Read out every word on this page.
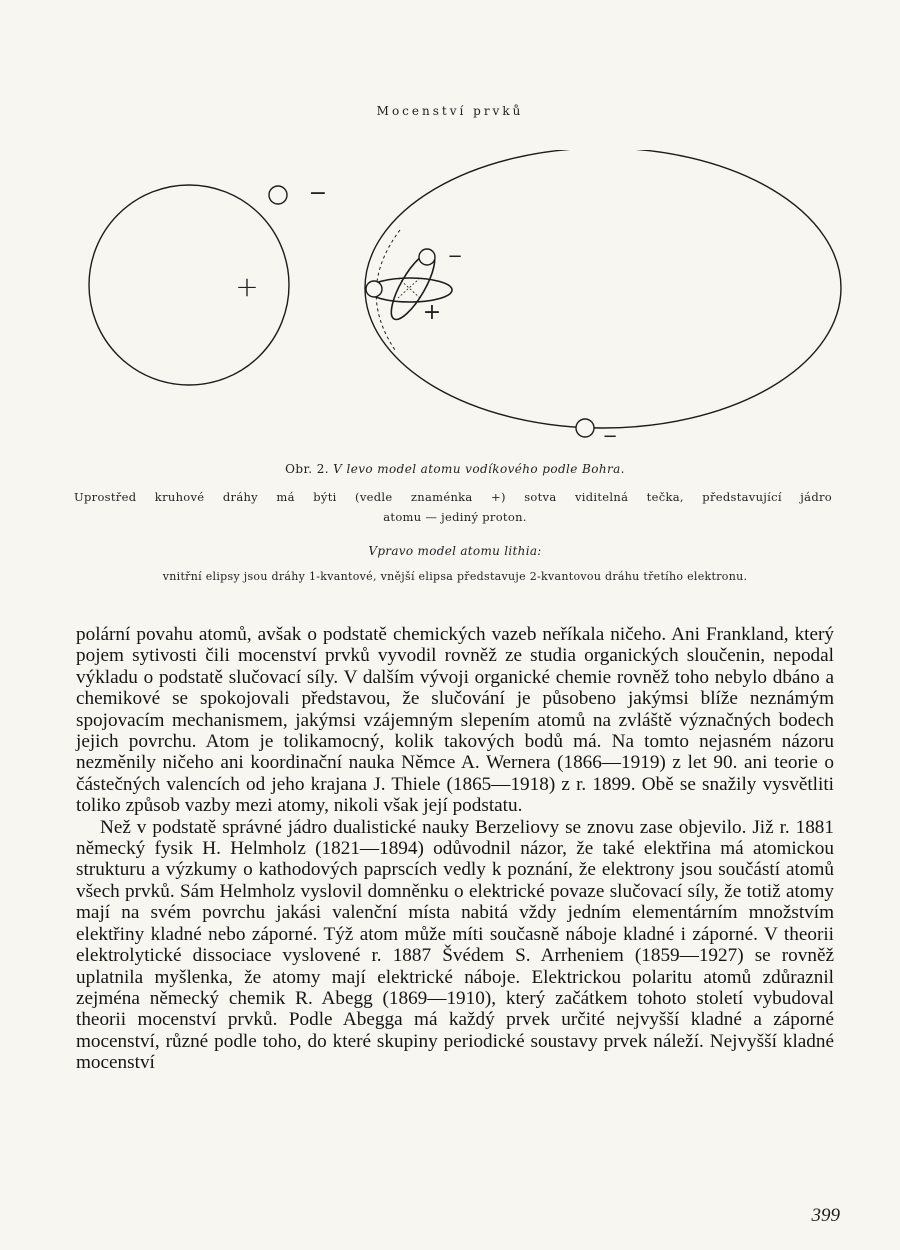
Mocenství prvků
+
−
+
−
−
Obr. 2. V levo model atomu vodíkového podle Bohra.
Uprostřed kruhové dráhy má býti (vedle znaménka +) sotva viditelná tečka, představující jádro
atomu — jediný proton.
Vpravo model atomu lithia:
vnitřní elipsy jsou dráhy 1-kvantové, vnější elipsa představuje 2-kvantovou dráhu třetího elektronu.

polární povahu atomů, avšak o podstatě chemických vazeb neříkala ničeho. Ani Frankland, který pojem sytivosti čili mocenství prvků vyvodil rovněž ze studia organických sloučenin, nepodal výkladu o podstatě slučovací síly. V dalším vývoji organické chemie rovněž toho nebylo dbáno a chemikové se spokojovali představou, že slučování je působeno jakýmsi blíže neznámým spojovacím mechanismem, jakýmsi vzájemným slepením atomů na zvláště význačných bodech jejich povrchu. Atom je tolikamocný, kolik takových bodů má. Na tomto nejasném názoru nezměnily ničeho ani koordinační nauka Němce A. Wernera (1866—1919) z let 90. ani teorie o částečných valencích od jeho krajana J. Thiele (1865—1918) z r. 1899. Obě se snažily vysvětliti toliko způsob vazby mezi atomy, nikoli však její podstatu.

Než v podstatě správné jádro dualistické nauky Berzeliovy se znovu zase objevilo. Již r. 1881 německý fysik H. Helmholz (1821—1894) odůvodnil názor, že také elektřina má atomickou strukturu a výzkumy o kathodových paprscích vedly k poznání, že elektrony jsou součástí atomů všech prvků. Sám Helmholz vyslovil domněnku o elektrické povaze slučovací síly, že totiž atomy mají na svém povrchu jakási valenční místa nabitá vždy jedním elementárním množstvím elektřiny kladné nebo záporné. Týž atom může míti současně náboje kladné i záporné. V theorii elektrolytické dissociace vyslovené r. 1887 Švédem S. Arrheniem (1859—1927) se rovněž uplatnila myšlenka, že atomy mají elektrické náboje. Elektrickou polaritu atomů zdůraznil zejména německý chemik R. Abegg (1869—1910), který začátkem tohoto století vybudoval theorii mocenství prvků. Podle Abegga má každý prvek určité nejvyšší kladné a záporné mocenství, různé podle toho, do které skupiny periodické soustavy prvek náleží. Nejvyšší kladné mocenství

399
